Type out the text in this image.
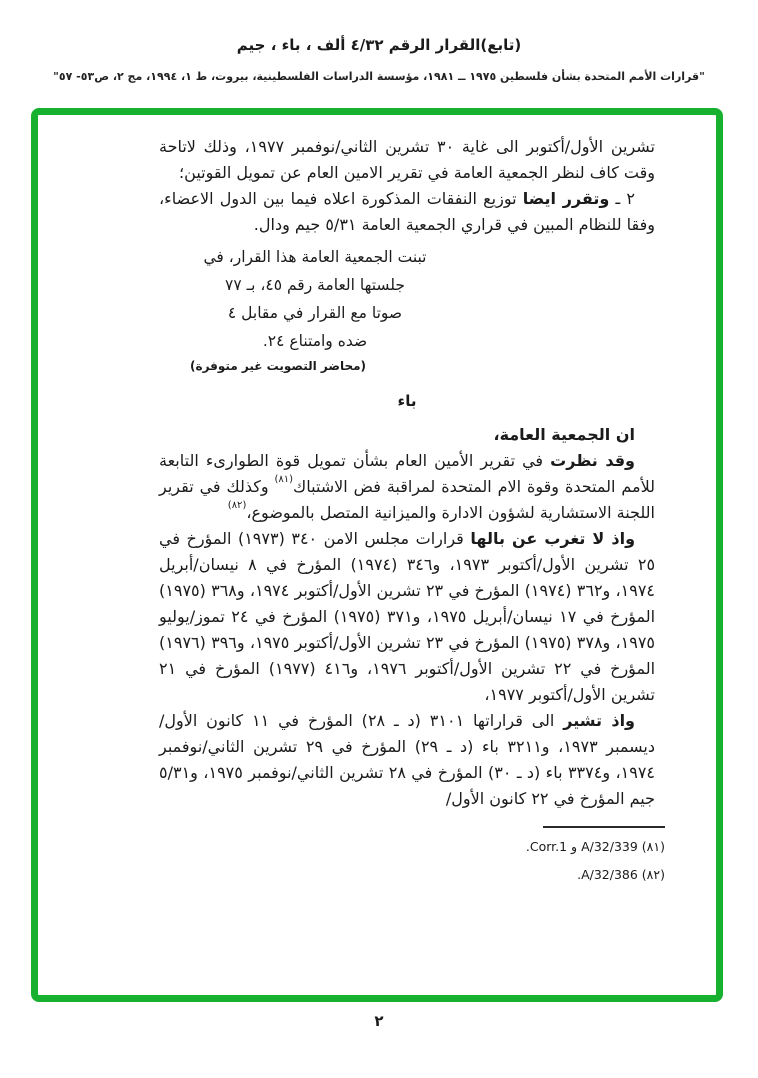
(تابع)القرار الرقم ٤/٣٢ ألف ، باء ، جيم
"قرارات الأمم المتحدة بشأن فلسطين ١٩٧٥ ــ ١٩٨١، مؤسسة الدراسات الفلسطينية، بيروت، ط ١، ١٩٩٤، مج ٢، ص٥٣- ٥٧"

تشرين الأول/أكتوبر الى غاية ٣٠ تشرين الثاني/نوفمبر ١٩٧٧، وذلك لاتاحة وقت كاف لنظر الجمعية العامة في تقرير الامين العام عن تمويل القوتين؛

٢ ـ وتقرر ايضا توزيع النفقات المذكورة اعلاه فيما بين الدول الاعضاء، وفقا للنظام المبين في قراري الجمعية العامة ٥/٣١ جيم ودال.

تبنت الجمعية العامة هذا القرار، في
جلستها العامة رقم ٤٥، بـ ٧٧
صوتا مع القرار في مقابل ٤
ضده وامتناع ٢٤.
(محاضر التصويت غير متوفرة)
باء

ان الجمعية العامة،

وقد نظرت في تقرير الأمين العام بشأن تمويل قوة الطوارىء التابعة للأمم المتحدة وقوة الام المتحدة لمراقبة فض الاشتباك$^{(٨١)}$ وكذلك في تقرير اللجنة الاستشارية لشؤون الادارة والميزانية المتصل بالموضوع،$^{(٨٢)}$

واذ لا تغرب عن بالها قرارات مجلس الامن ٣٤٠ (١٩٧٣) المؤرخ في ٢٥ تشرين الأول/أكتوبر ١٩٧٣، و٣٤٦ (١٩٧٤) المؤرخ في ٨ نيسان/أبريل ١٩٧٤، و٣٦٢ (١٩٧٤) المؤرخ في ٢٣ تشرين الأول/أكتوبر ١٩٧٤، و٣٦٨ (١٩٧٥) المؤرخ في ١٧ نيسان/أبريل ١٩٧٥، و٣٧١ (١٩٧٥) المؤرخ في ٢٤ تموز/يوليو ١٩٧٥، و٣٧٨ (١٩٧٥) المؤرخ في ٢٣ تشرين الأول/أكتوبر ١٩٧٥، و٣٩٦ (١٩٧٦) المؤرخ في ٢٢ تشرين الأول/أكتوبر ١٩٧٦، و٤١٦ (١٩٧٧) المؤرخ في ٢١ تشرين الأول/أكتوبر ١٩٧٧،

واذ تشير الى قراراتها ٣١٠١ (د ـ ٢٨) المؤرخ في ١١ كانون الأول/ديسمبر ١٩٧٣، و٣٢١١ باء (د ـ ٢٩) المؤرخ في ٢٩ تشرين الثاني/نوفمبر ١٩٧٤، و٣٣٧٤ باء (د ـ ٣٠) المؤرخ في ٢٨ تشرين الثاني/نوفمبر ١٩٧٥، و٥/٣١ جيم المؤرخ في ٢٢ كانون الأول/

(٨١) A/32/339 و Corr.1.
(٨٢) A/32/386.
٢
